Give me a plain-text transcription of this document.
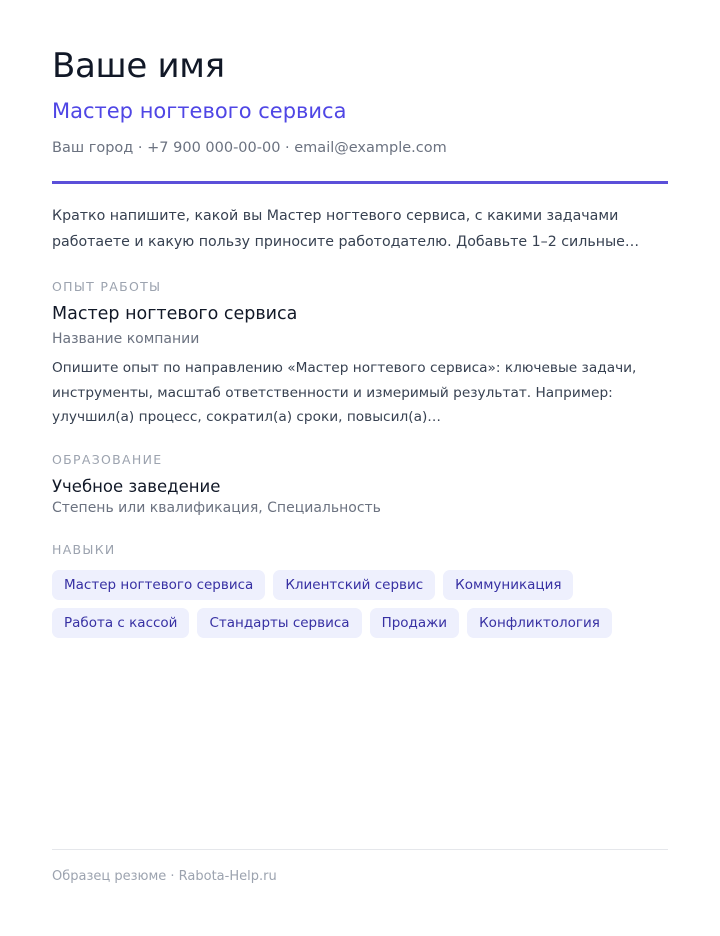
Ваше имя
Мастер ногтевого сервиса
Ваш город · +7 900 000-00-00 · email@example.com

Кратко напишите, какой вы Мастер ногтевого сервиса, с какими задачами работаете и какую пользу приносите работодателю. Добавьте 1–2 сильные…

ОПЫТ РАБОТЫ
Мастер ногтевого сервиса
Название компании

Опишите опыт по направлению «Мастер ногтевого сервиса»: ключевые задачи, инструменты, масштаб ответственности и измеримый результат. Например: улучшил(а) процесс, сократил(а) сроки, повысил(а)…

ОБРАЗОВАНИЕ
Учебное заведение
Степень или квалификация, Специальность
НАВЫКИ
Мастер ногтевого сервиса	Клиентский сервис	Коммуникация
Работа с кассой	Стандарты сервиса	Продажи	Конфликтология
Образец резюме · Rabota-Help.ru
